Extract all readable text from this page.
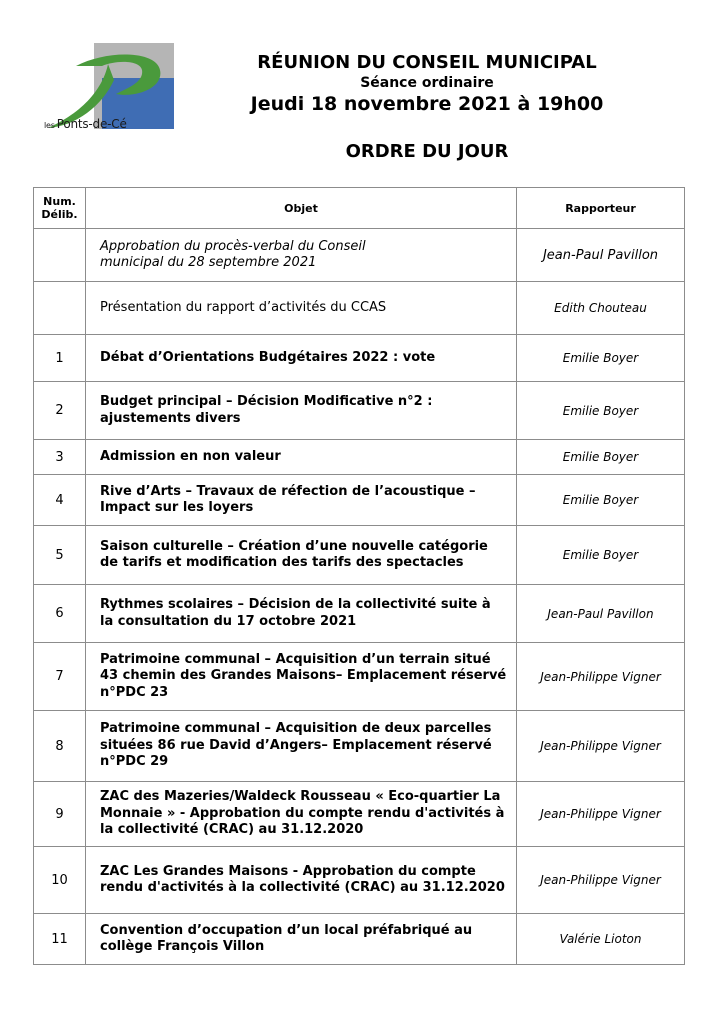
P
les Ponts-de-Cé
RÉUNION DU CONSEIL MUNICIPAL
Séance ordinaire
Jeudi 18 novembre 2021 à 19h00
ORDRE DU JOUR
Num. Délib.	Objet	Rapporteur

	Approbation du procès-verbal du Conseil municipal du 28 septembre 2021	Jean-Paul Pavillon

	Présentation du rapport d’activités du CCAS	Edith Chouteau
1	Débat d’Orientations Budgétaires 2022 : vote	Emilie Boyer
2	Budget principal – Décision Modificative n°2 : ajustements divers	Emilie Boyer
3	Admission en non valeur	Emilie Boyer
4	Rive d’Arts – Travaux de réfection de l’acoustique – Impact sur les loyers	Emilie Boyer
5	Saison culturelle – Création d’une nouvelle catégorie de tarifs et modification des tarifs des spectacles	Emilie Boyer
6	Rythmes scolaires – Décision de la collectivité suite à la consultation du 17 octobre 2021	Jean-Paul Pavillon
7	Patrimoine communal – Acquisition d’un terrain situé 43 chemin des Grandes Maisons– Emplacement réservé n°PDC 23	Jean-Philippe Vigner
8	Patrimoine communal – Acquisition de deux parcelles situées 86 rue David d’Angers– Emplacement réservé n°PDC 29	Jean-Philippe Vigner
9	ZAC des Mazeries/Waldeck Rousseau « Eco-quartier La Monnaie » - Approbation du compte rendu d'activités à la collectivité (CRAC) au 31.12.2020	Jean-Philippe Vigner
10	ZAC Les Grandes Maisons - Approbation du compte rendu d'activités à la collectivité (CRAC) au 31.12.2020	Jean-Philippe Vigner
11	Convention d’occupation d’un local préfabriqué au collège François Villon	Valérie Lioton
